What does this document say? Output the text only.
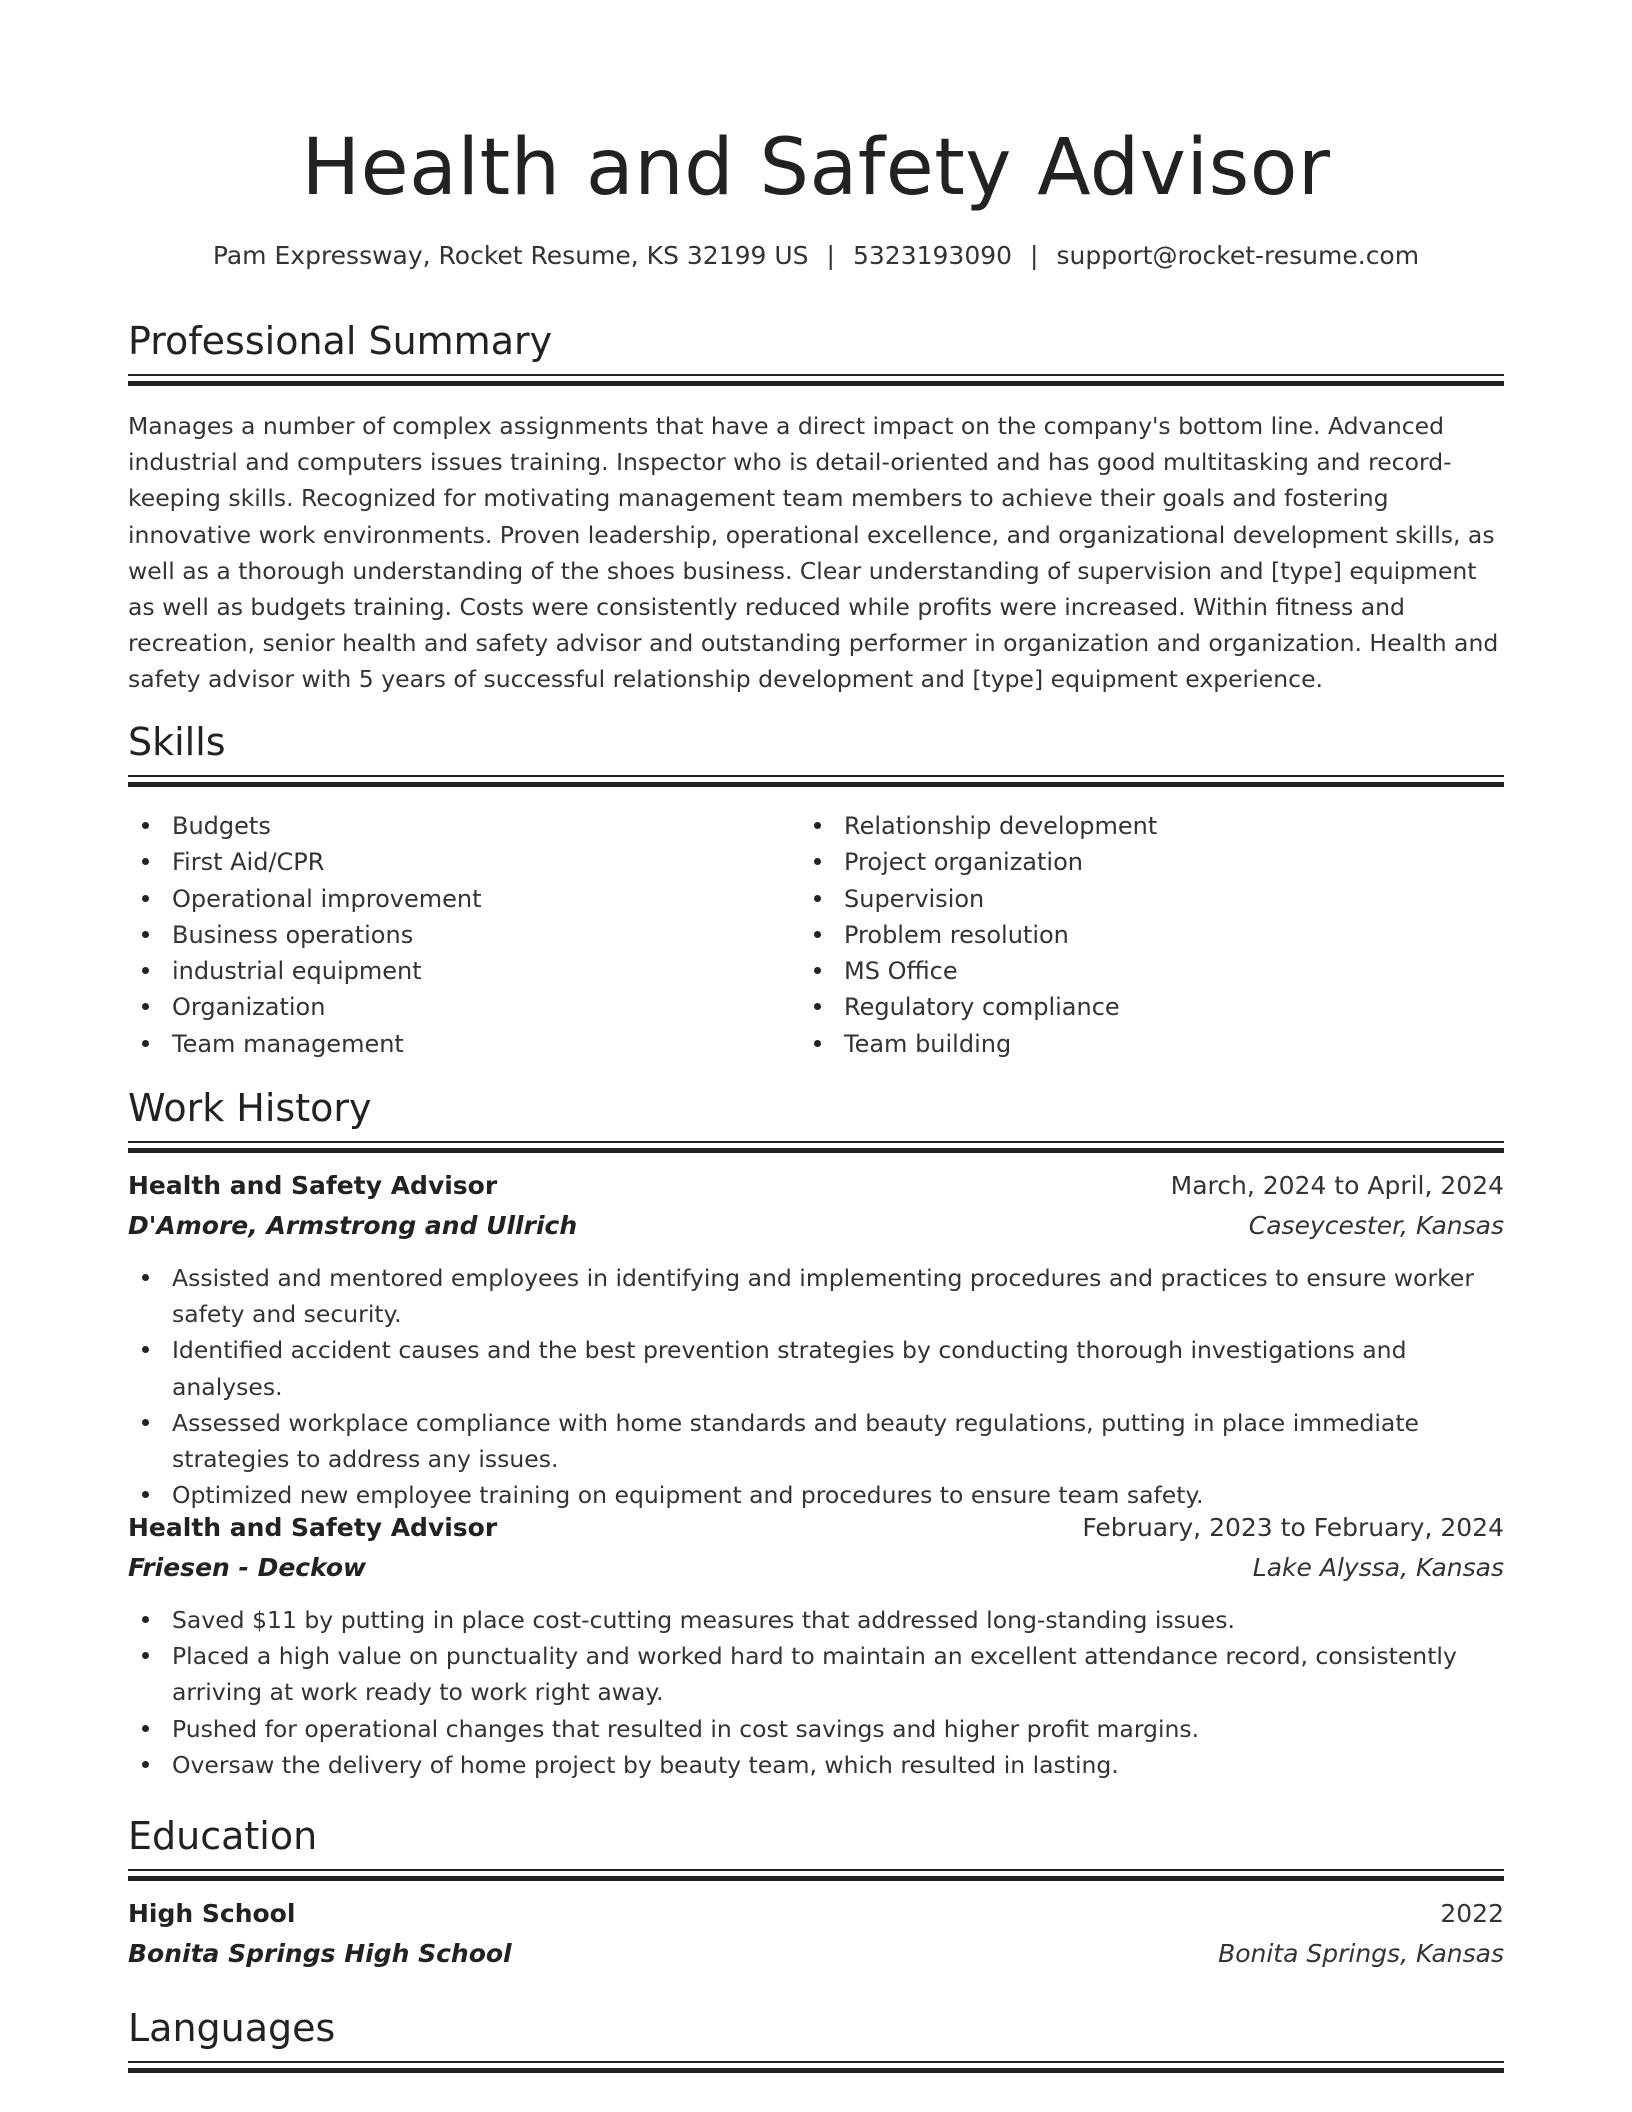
Health and Safety Advisor
Pam Expressway, Rocket Resume, KS 32199 US | 5323193090 | support@rocket-resume.com
Professional Summary

Manages a number of complex assignments that have a direct impact on the company's bottom line. Advanced industrial and computers issues training. Inspector who is detail-oriented and has good multitasking and record-keeping skills. Recognized for motivating management team members to achieve their goals and fostering innovative work environments. Proven leadership, operational excellence, and organizational development skills, as well as a thorough understanding of the shoes business. Clear understanding of supervision and [type] equipment as well as budgets training. Costs were consistently reduced while profits were increased. Within fitness and recreation, senior health and safety advisor and outstanding performer in organization and organization. Health and safety advisor with 5 years of successful relationship development and [type] equipment experience.

Skills
Budgets
First Aid/CPR
Operational improvement
Business operations
industrial equipment
Organization
Team management
Relationship development
Project organization
Supervision
Problem resolution
MS Office
Regulatory compliance
Team building
Work History
Health and Safety Advisor	March, 2024 to April, 2024
D'Amore, Armstrong and Ullrich	Caseycester, Kansas
Assisted and mentored employees in identifying and implementing procedures and practices to ensure worker safety and security.
Identified accident causes and the best prevention strategies by conducting thorough investigations and analyses.
Assessed workplace compliance with home standards and beauty regulations, putting in place immediate strategies to address any issues.
Optimized new employee training on equipment and procedures to ensure team safety.
Health and Safety Advisor	February, 2023 to February, 2024
Friesen - Deckow	Lake Alyssa, Kansas
Saved $11 by putting in place cost-cutting measures that addressed long-standing issues.
Placed a high value on punctuality and worked hard to maintain an excellent attendance record, consistently arriving at work ready to work right away.
Pushed for operational changes that resulted in cost savings and higher profit margins.
Oversaw the delivery of home project by beauty team, which resulted in lasting.
Education
High School	2022
Bonita Springs High School	Bonita Springs, Kansas
Languages
